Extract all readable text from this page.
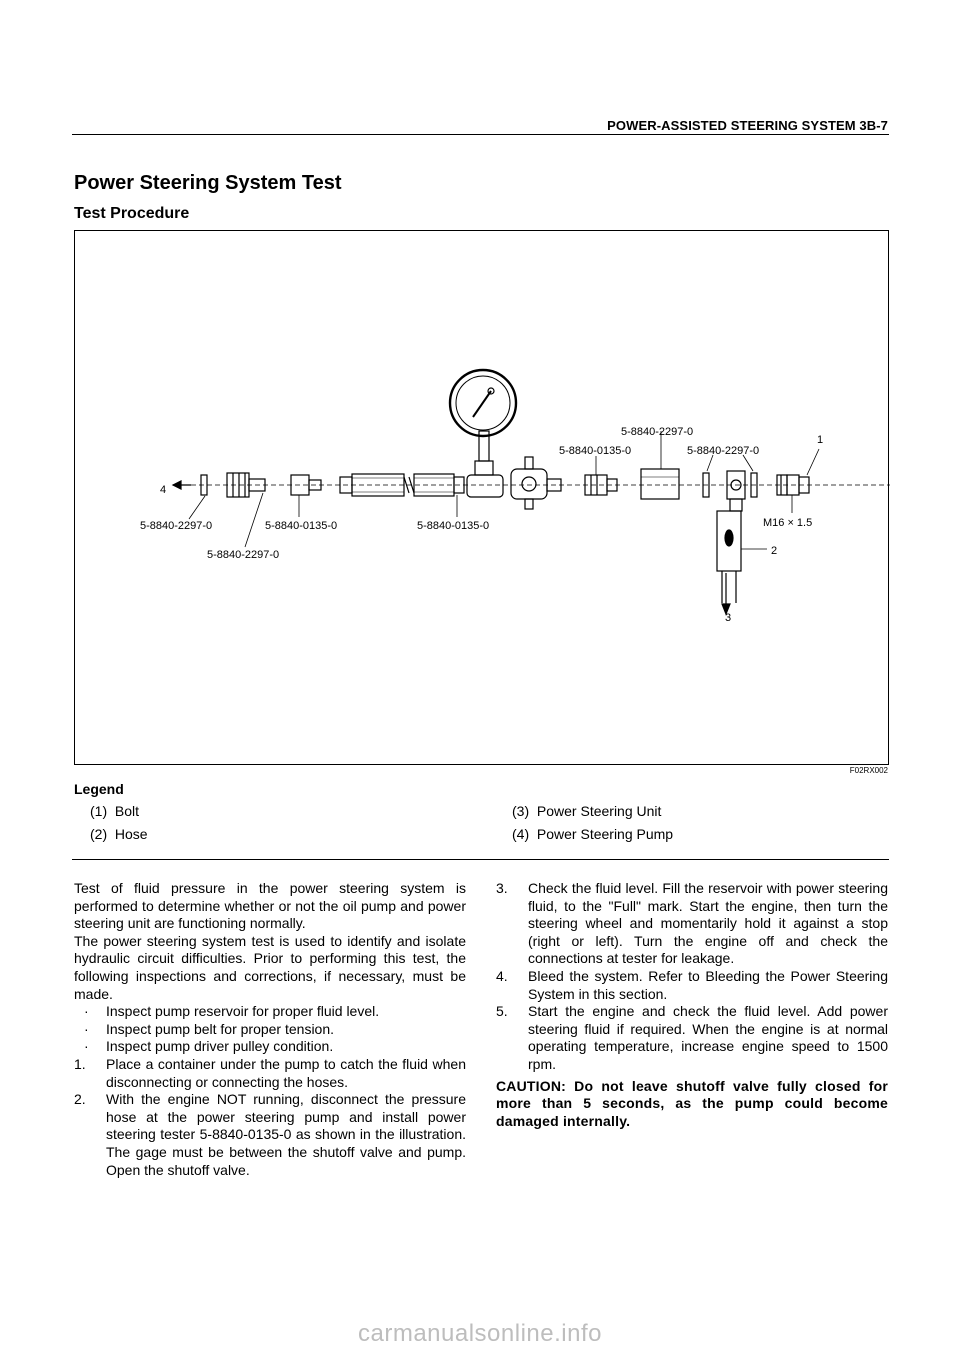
POWER-ASSISTED STEERING SYSTEM 3B-7
Power Steering System Test
Test Procedure
4
1
2
3
M16 × 1.5
5-8840-2297-0
5-8840-2297-0
5-8840-0135-0	5-8840-0135-0
5-8840-0135-0
5-8840-2297-0
5-8840-2297-0
F02RX002
Legend
(1) Bolt
(2) Hose
(3) Power Steering Unit
(4) Power Steering Pump

Test of fluid pressure in the power steering system is performed to determine whether or not the oil pump and power steering unit are functioning normally.

The power steering system test is used to identify and isolate hydraulic circuit difficulties. Prior to performing this test, the following inspections and corrections, if necessary, must be made.

· Inspect pump reservoir for proper fluid level.

· Inspect pump belt for proper tension.

· Inspect pump driver pulley condition.

1. Place a container under the pump to catch the fluid when disconnecting or connecting the hoses.

2. With the engine NOT running, disconnect the pressure hose at the power steering pump and install power steering tester 5-8840-0135-0 as shown in the illustration. The gage must be between the shutoff valve and pump. Open the shutoff valve.

3. Check the fluid level. Fill the reservoir with power steering fluid, to the "Full" mark. Start the engine, then turn the steering wheel and momentarily hold it against a stop (right or left). Turn the engine off and check the connections at tester for leakage.

4. Bleed the system. Refer to Bleeding the Power Steering System in this section.

5. Start the engine and check the fluid level. Add power steering fluid if required. When the engine is at normal operating temperature, increase engine speed to 1500 rpm.

CAUTION: Do not leave shutoff valve fully closed for more than 5 seconds, as the pump could become damaged internally.

carmanualsonline.info
